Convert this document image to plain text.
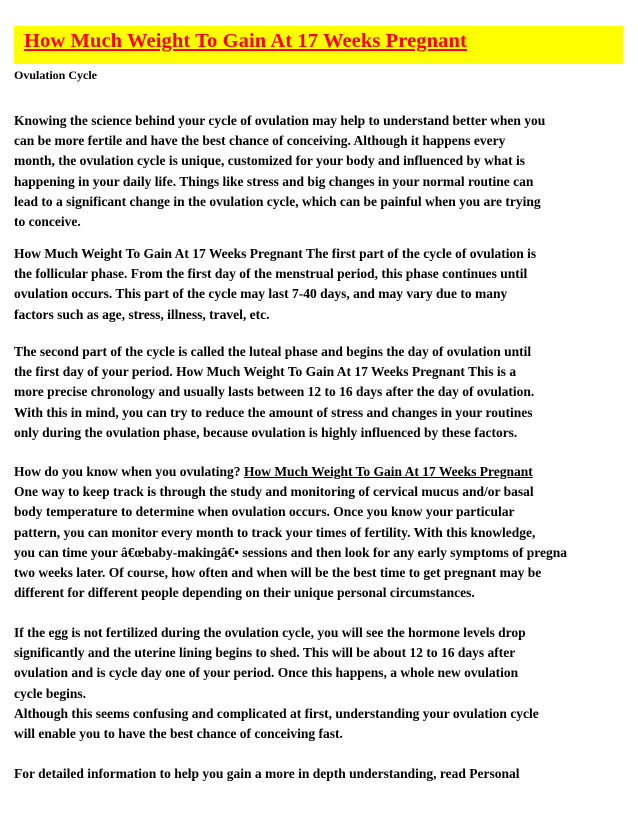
How Much Weight To Gain At 17 Weeks Pregnant
Ovulation Cycle
Knowing the science behind your cycle of ovulation may help to understand better when you
can be more fertile and have the best chance of conceiving. Although it happens every
month, the ovulation cycle is unique, customized for your body and influenced by what is
happening in your daily life. Things like stress and big changes in your normal routine can
lead to a significant change in the ovulation cycle, which can be painful when you are trying
to conceive.
How Much Weight To Gain At 17 Weeks Pregnant The first part of the cycle of ovulation is
the follicular phase. From the first day of the menstrual period, this phase continues until
ovulation occurs. This part of the cycle may last 7-40 days, and may vary due to many
factors such as age, stress, illness, travel, etc.
The second part of the cycle is called the luteal phase and begins the day of ovulation until
the first day of your period. How Much Weight To Gain At 17 Weeks Pregnant This is a
more precise chronology and usually lasts between 12 to 16 days after the day of ovulation.
With this in mind, you can try to reduce the amount of stress and changes in your routines
only during the ovulation phase, because ovulation is highly influenced by these factors.
How do you know when you ovulating? How Much Weight To Gain At 17 Weeks Pregnant
One way to keep track is through the study and monitoring of cervical mucus and/or basal
body temperature to determine when ovulation occurs. Once you know your particular
pattern, you can monitor every month to track your times of fertility. With this knowledge,
you can time your â€œbaby-makingâ€• sessions and then look for any early symptoms of pregna
two weeks later. Of course, how often and when will be the best time to get pregnant may be
different for different people depending on their unique personal circumstances.
If the egg is not fertilized during the ovulation cycle, you will see the hormone levels drop
significantly and the uterine lining begins to shed. This will be about 12 to 16 days after
ovulation and is cycle day one of your period. Once this happens, a whole new ovulation
cycle begins.
Although this seems confusing and complicated at first, understanding your ovulation cycle
will enable you to have the best chance of conceiving fast.
For detailed information to help you gain a more in depth understanding, read Personal
